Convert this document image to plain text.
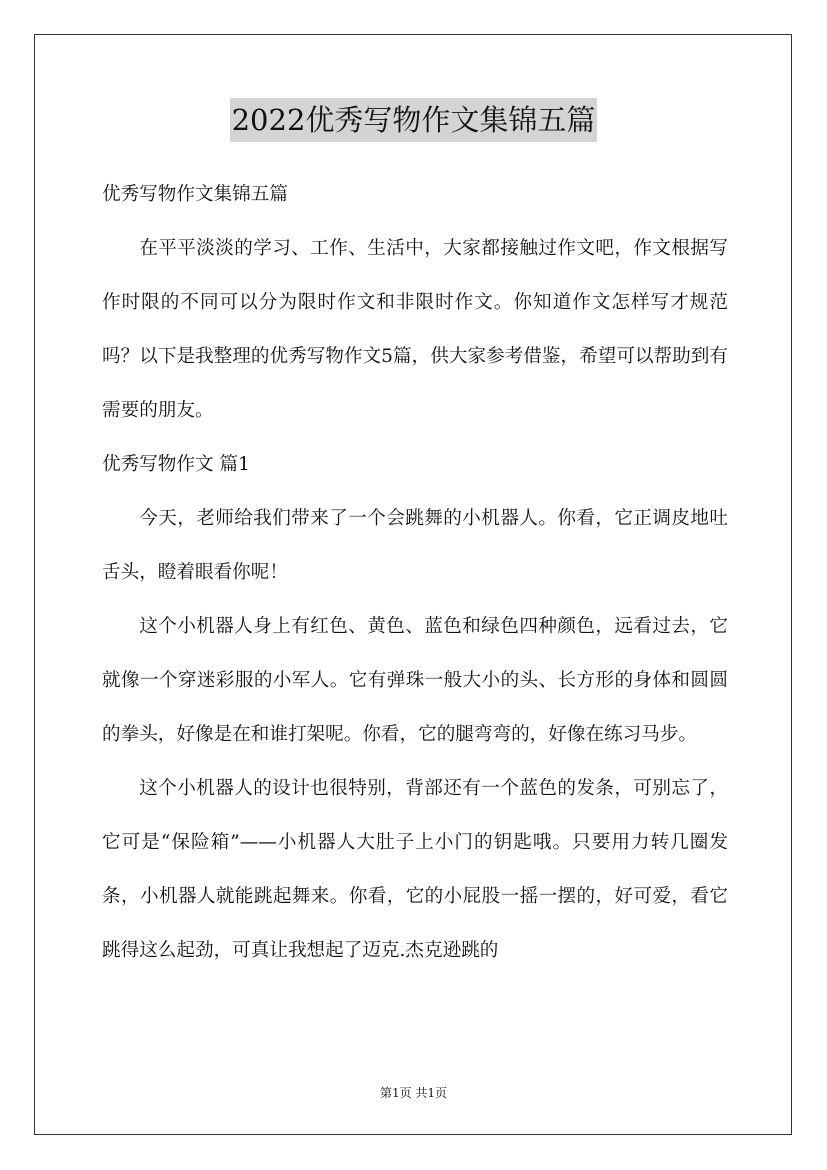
2022优秀写物作文集锦五篇

优秀写物作文集锦五篇

在平平淡淡的学习、工作、生活中，大家都接触过作文吧，作文根据写作时限的不同可以分为限时作文和非限时作文。你知道作文怎样写才规范吗？以下是我整理的优秀写物作文5篇，供大家参考借鉴，希望可以帮助到有需要的朋友。

优秀写物作文 篇1

今天，老师给我们带来了一个会跳舞的小机器人。你看，它正调皮地吐舌头，瞪着眼看你呢！

这个小机器人身上有红色、黄色、蓝色和绿色四种颜色，远看过去，它就像一个穿迷彩服的小军人。它有弹珠一般大小的头、长方形的身体和圆圆的拳头，好像是在和谁打架呢。你看，它的腿弯弯的，好像在练习马步。

这个小机器人的设计也很特别，背部还有一个蓝色的发条，可别忘了，它可是“保险箱”——小机器人大肚子上小门的钥匙哦。只要用力转几圈发条，小机器人就能跳起舞来。你看，它的小屁股一摇一摆的，好可爱，看它跳得这么起劲，可真让我想起了迈克.杰克逊跳的

第1页 共1页
